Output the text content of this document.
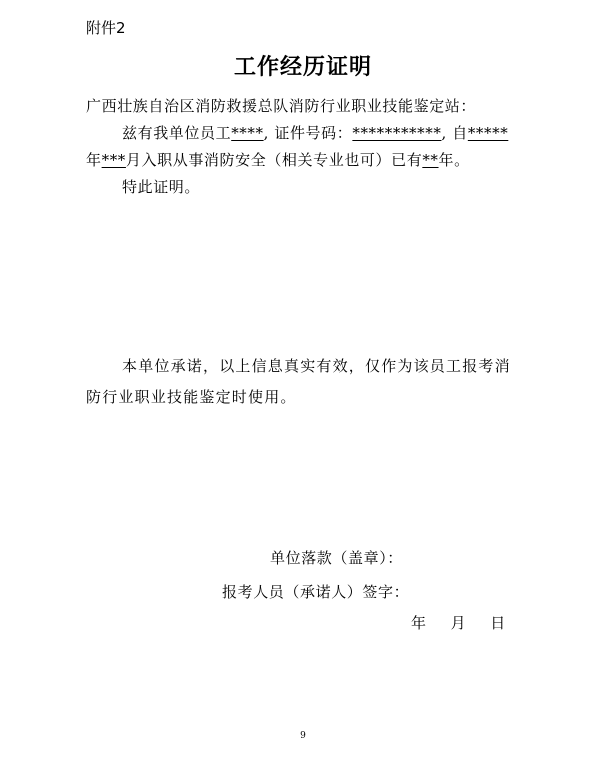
附件2
工作经历证明
广西壮族自治区消防救援总队消防行业职业技能鉴定站：
兹有我单位员工****, 证件号码：***********, 自*****
年***月入职从事消防安全（相关专业也可）已有**年。
特此证明。
本单位承诺，以上信息真实有效，仅作为该员工报考消
防行业职业技能鉴定时使用。
单位落款（盖章）：
报考人员（承诺人）签字：
年 月 日
9
